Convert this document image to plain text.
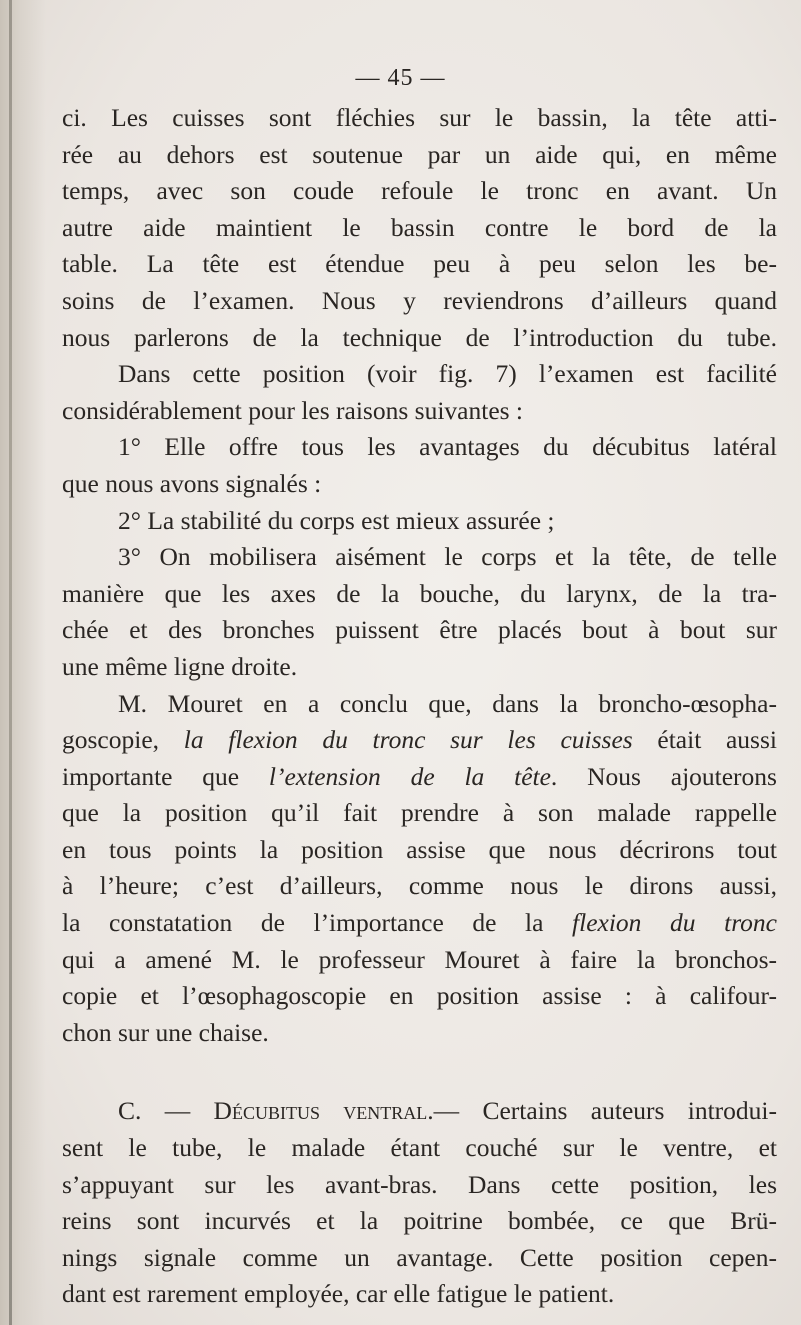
— 45 —
ci. Les cuisses sont fléchies sur le bassin, la tête atti-
rée au dehors est soutenue par un aide qui, en même
temps, avec son coude refoule le tronc en avant. Un
autre aide maintient le bassin contre le bord de la
table. La tête est étendue peu à peu selon les be-
soins de l’examen. Nous y reviendrons d’ailleurs quand
nous parlerons de la technique de l’introduction du tube.
Dans cette position (voir fig. 7) l’examen est facilité
considérablement pour les raisons suivantes :
1° Elle offre tous les avantages du décubitus latéral
que nous avons signalés :
2° La stabilité du corps est mieux assurée ;
3° On mobilisera aisément le corps et la tête, de telle
manière que les axes de la bouche, du larynx, de la tra-
chée et des bronches puissent être placés bout à bout sur
une même ligne droite.
M. Mouret en a conclu que, dans la broncho-œsopha-
goscopie, la flexion du tronc sur les cuisses était aussi
importante que l’extension de la tête. Nous ajouterons
que la position qu’il fait prendre à son malade rappelle
en tous points la position assise que nous décrirons tout
à l’heure; c’est d’ailleurs, comme nous le dirons aussi,
la constatation de l’importance de la flexion du tronc
qui a amené M. le professeur Mouret à faire la bronchos-
copie et l’œsophagoscopie en position assise : à califour-
chon sur une chaise.
C. — Décubitus ventral.— Certains auteurs introdui-
sent le tube, le malade étant couché sur le ventre, et
s’appuyant sur les avant-bras. Dans cette position, les
reins sont incurvés et la poitrine bombée, ce que Brü-
nings signale comme un avantage. Cette position cepen-
dant est rarement employée, car elle fatigue le patient.
